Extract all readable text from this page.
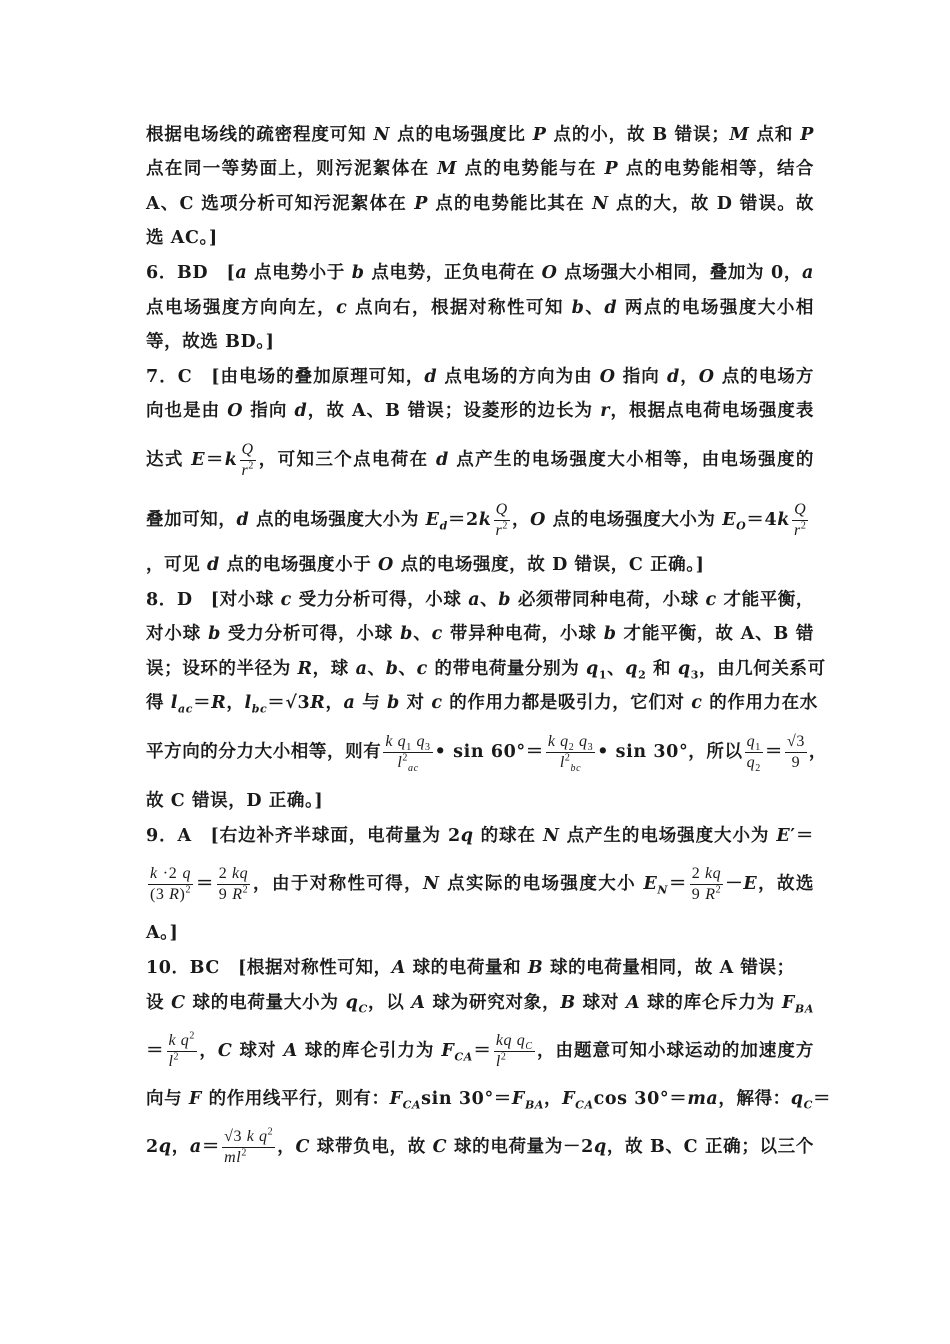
根据电场线的疏密程度可知 N 点的电场强度比 P 点的小，故 B 错误；M 点和 P
点在同一等势面上，则污泥絮体在 M 点的电势能与在 P 点的电势能相等，结合
A、C 选项分析可知污泥絮体在 P 点的电势能比其在 N 点的大，故 D 错误。故
选 AC。]
6．BD　[a 点电势小于 b 点电势，正负电荷在 O 点场强大小相同，叠加为 0，a
点电场强度方向向左，c 点向右，根据对称性可知 b、d 两点的电场强度大小相
等，故选 BD。]
7．C　[由电场的叠加原理可知，d 点电场的方向为由 O 指向 d，O 点的电场方
向也是由 O 指向 d，故 A、B 错误；设菱形的边长为 r，根据点电荷电场强度表
达式 $E=k \frac{Q}{r^2}$ ，可知三个点电荷在 d 点产生的电场强度大小相等，由电场强度的
叠加可知，d 点的电场强度大小为 $E_d=2k \frac{Q}{r^2}$ ，O 点的电场强度大小为 $E_O=4k \frac{Q}{r^2}$
，可见 d 点的电场强度小于 O 点的电场强度，故 D 错误，C 正确。]
8．D　[对小球 c 受力分析可得，小球 a、b 必须带同种电荷，小球 c 才能平衡，
对小球 b 受力分析可得，小球 b、c 带异种电荷，小球 b 才能平衡，故 A、B 错
误；设环的半径为 R，球 a、b、c 的带电荷量分别为 $q_1$、$q_2$ 和 $q_3$，由几何关系可
得 $l_{ac}=R$，$l_{bc}=√3R$，a 与 b 对 c 的作用力都是吸引力，它们对 c 的作用力在水
平方向的分力大小相等，则有 $\frac{k q_1 q_3}{l^2_{ac}}$ • $\sin 60^\circ= \frac{k q_2 q_3}{l^2_{bc}}$ • sin 30°，所以 $\frac{q_1}{q_2} = \frac{√3}{9}$ ，
故 C 错误，D 正确。]
9．A　[右边补齐半球面，电荷量为 2q 的球在 N 点产生的电场强度大小为 E′＝
$\frac{k \cdot 2 q}{(3 R)^2} = \frac{2 kq}{9 R^2}$ ，由于对称性可得，N 点实际的电场强度大小 $E_N= \frac{2 kq}{9 R^2} -E$，故选
A。]
10．BC　[根据对称性可知，A 球的电荷量和 B 球的电荷量相同，故 A 错误；
设 C 球的电荷量大小为 $q_C$，以 A 球为研究对象，B 球对 A 球的库仑斥力为 $F_{BA}$
＝ $\frac{k q^2}{l^2}$ ，C 球对 A 球的库仑引力为 $F_{CA}= \frac{kq q_C}{l^2}$ ，由题意可知小球运动的加速度方
向与 F 的作用线平行，则有：$F_{CA}\sin$ $30^\circ=F_{BA}$，$F_{CA}\cos$ 30°＝ma，解得：$q_C=$
2q，$a= \frac{√3 k q^2}{ml^2}$ ，C 球带负电，故 C 球的电荷量为－2q，故 B、C 正确；以三个
